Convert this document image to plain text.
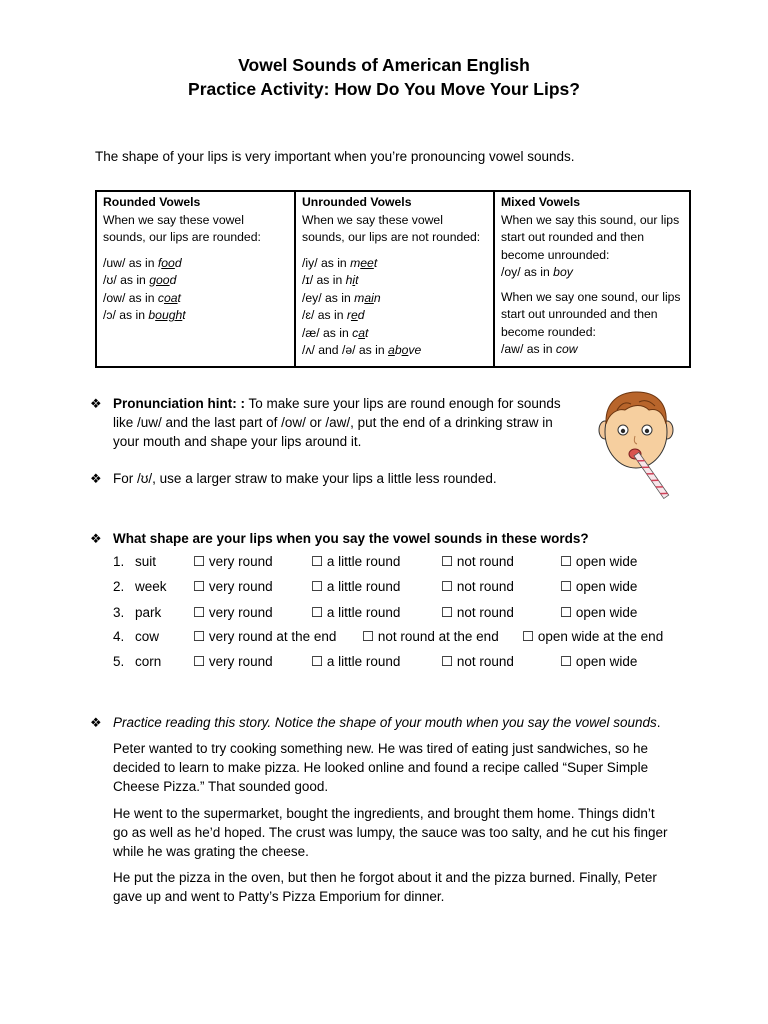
Vowel Sounds of American English
Practice Activity: How Do You Move Your Lips?
The shape of your lips is very important when you’re pronouncing vowel sounds.
Rounded Vowels
When we say these vowel
sounds, our lips are rounded:
/uw/ as in food
/ʊ/ as in good
/ow/ as in coat
/ɔ/ as in bought

Unrounded Vowels
When we say these vowel
sounds, our lips are not rounded:
/iy/ as in meet
/ɪ/ as in hit
/ey/ as in main
/ɛ/ as in red
/æ/ as in cat
/ʌ/ and /ə/ as in above

Mixed Vowels
When we say this sound, our lips
start out rounded and then
become unrounded:
/oy/ as in boy
When we say one sound, our lips
start out unrounded and then
become rounded:
/aw/ as in cow
❖ Pronunciation hint: : To make sure your lips are round enough for sounds
like /uw/ and the last part of /ow/ or /aw/, put the end of a drinking straw in
your mouth and shape your lips around it.
❖ For /ʊ/, use a larger straw to make your lips a little less rounded.
❖ What shape are your lips when you say the vowel sounds in these words?
1. suit	☐ very round	☐ a little round	☐ not round	☐ open wide
2. week ☐ very round	☐ a little round	☐ not round	☐ open wide
3. park ☐ very round	☐ a little round	☐ not round	☐ open wide
4. cow	☐ very round at the end ☐ not round at the end ☐ open wide at the end
5. corn ☐ very round	☐ a little round	☐ not round	☐ open wide
❖ Practice reading this story. Notice the shape of your mouth when you say the vowel sounds.
Peter wanted to try cooking something new. He was tired of eating just sandwiches, so he
decided to learn to make pizza. He looked online and found a recipe called “Super Simple
Cheese Pizza.” That sounded good.
He went to the supermarket, bought the ingredients, and brought them home. Things didn’t
go as well as he’d hoped. The crust was lumpy, the sauce was too salty, and he cut his finger
while he was grating the cheese.
He put the pizza in the oven, but then he forgot about it and the pizza burned. Finally, Peter
gave up and went to Patty’s Pizza Emporium for dinner.
